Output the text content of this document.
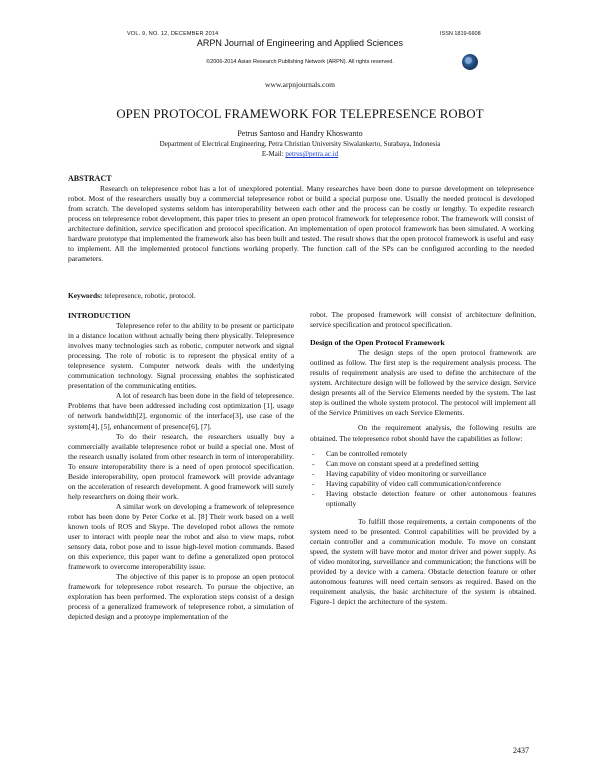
VOL. 9, NO. 12, DECEMBER 2014	ISSN 1819-6608
ARPN Journal of Engineering and Applied Sciences
©2006-2014 Asian Research Publishing Network (ARPN). All rights reserved.
www.arpnjournals.com
OPEN PROTOCOL FRAMEWORK FOR TELEPRESENCE ROBOT
Petrus Santoso and Handry Khoswanto
Department of Electrical Engineering, Petra Christian University Siwalankerto, Surabaya, Indonesia
E-Mail: petrus@petra.ac.id
ABSTRACT

Research on telepresence robot has a lot of unexplored potential. Many researches have been done to pursue development on telepresence robot. Most of the researchers usually buy a commercial telepresence robot or build a special purpose one. Usually the needed protocol is developed from scratch. The developed systems seldom has interoperability between each other and the process can be costly or lengthy. To expedite research process on telepresence robot development, this paper tries to present an open protocol framework for telepresence robot. The framework will consist of architecture definition, service specification and protocol specification. An implementation of open protocol framework has been simulated. A working hardware prototype that implemented the framework also has been built and tested. The result shows that the open protocol framework is useful and easy to implement. All the implemented protocol functions working properly. The function call of the SPs can be configured according to the needed parameters.

Keywords: telepresence, robotic, protocol.
INTRODUCTION

Telepresence refer to the ability to be present or participate in a distance location without actually being there physically. Telepresence involves many technologies such as robotic, computer network and signal processing. The role of robotic is to represent the physical entity of a telepresence system. Computer network deals with the underlying communication technology. Signal processing enables the sophisticated presentation of the communicating entities.

A lot of research has been done in the field of telepresence. Problems that have been addressed including cost optimization [1], usage of network bandwidth[2], ergonomic of the interface[3], use case of the system[4], [5], enhancement of presence[6], [7].

To do their research, the researchers usually buy a commercially available telepresence robot or build a special one. Most of the research usually isolated from other research in term of interoperability. To ensure interoperability there is a need of open protocol specification. Beside interoperability, open protocol framework will provide advantage on the acceleration of research development. A good framework will surely help researchers on doing their work.

A similar work on developing a framework of telepresence robot has been done by Peter Corke et al. [8] Their work based on a well known tools of ROS and Skype. The developed robot allows the remote user to interact with people near the robot and also to view maps, robot sensory data, robot pose and to issue high-level motion commands. Based on this experience, this paper want to define a generalized open protocol framework to overcome interoperability issue.

The objective of this paper is to propose an open protocol framework for telepresence robot research. To pursue the objective, an exploration has been performed. The exploration steps consist of a design process of a generalized framework of telepresence robot, a simulation of depicted design and a protoype implementation of the

robot. The proposed framework will consist of architecture definition, service specification and protocol specification.

Design of the Open Protocol Framework

The design steps of the open protocol framework are outlined as follow. The first step is the requirement analysis process. The results of requirement analysis are used to define the architecture of the system. Architecture design will be followed by the service design. Service design presents all of the Service Elements needed by the system. The last step is outlined the whole system protocol. The protocol will implement all of the Service Primitives on each Service Elements.

On the requirement analysis, the following results are obtained. The telepresence robot should have the capabilities as follow:

- Can be controlled remotely
- Can move on constant speed at a predefined setting
- Having capability of video monitoring or surveillance
- Having capability of video call communication/conference
- Having obstacle detection feature or other autonomous features optionally

To fulfill those requirements, a certain components of the system need to be presented. Control capabilities will be provided by a certain controller and a communication module. To move on constant speed, the system will have motor and motor driver and power supply. As of video monitoring, surveillance and communication; the functions will be provided by a device with a camera. Obstacle detection feature or other autonomous features will need certain sensors as required. Based on the requirement analysis, the basic architecture of the system is obtained. Figure-1 depict the architecture of the system.

2437
